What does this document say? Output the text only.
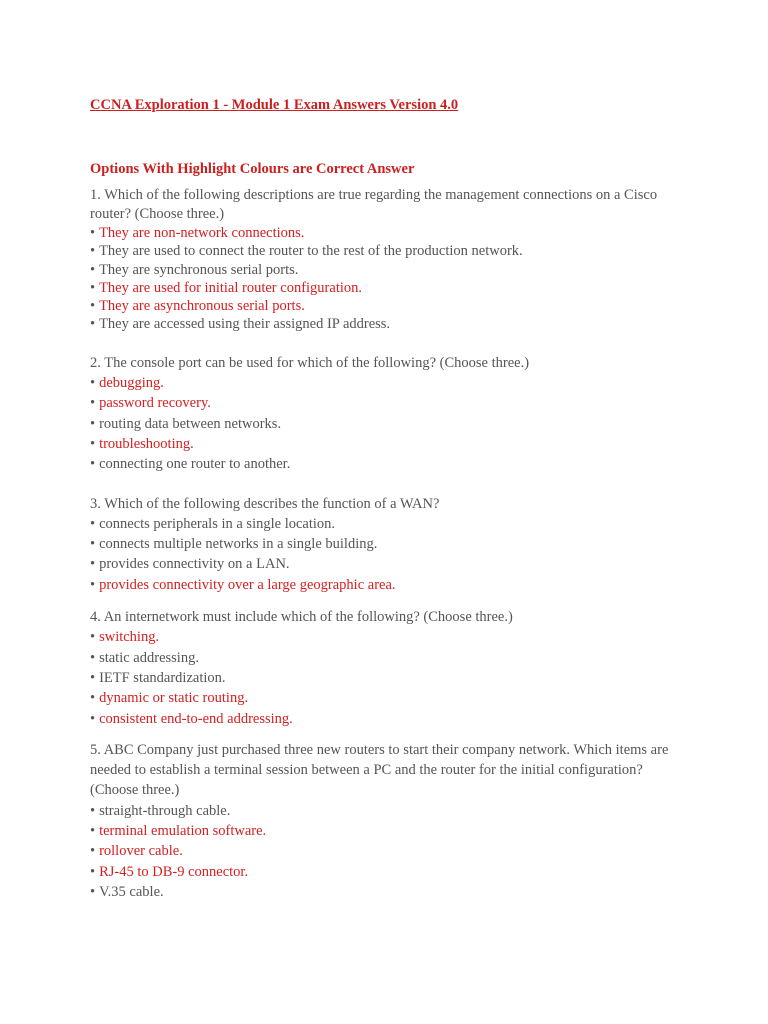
CCNA Exploration 1 - Module 1 Exam Answers Version 4.0
Options With Highlight Colours are Correct Answer

1. Which of the following descriptions are true regarding the management connections on a Cisco router? (Choose three.)

• They are non-network connections.
• They are used to connect the router to the rest of the production network.
• They are synchronous serial ports.
• They are used for initial router configuration.
• They are asynchronous serial ports.
• They are accessed using their assigned IP address.

2. The console port can be used for which of the following? (Choose three.)

• debugging.
• password recovery.
• routing data between networks.
• troubleshooting.
• connecting one router to another.

3. Which of the following describes the function of a WAN?

• connects peripherals in a single location.
• connects multiple networks in a single building.
• provides connectivity on a LAN.
• provides connectivity over a large geographic area.

4. An internetwork must include which of the following? (Choose three.)

• switching.
• static addressing.
• IETF standardization.
• dynamic or static routing.
• consistent end-to-end addressing.

5. ABC Company just purchased three new routers to start their company network. Which items are needed to establish a terminal session between a PC and the router for the initial configuration? (Choose three.)

• straight-through cable.
• terminal emulation software.
• rollover cable.
• RJ-45 to DB-9 connector.
• V.35 cable.
